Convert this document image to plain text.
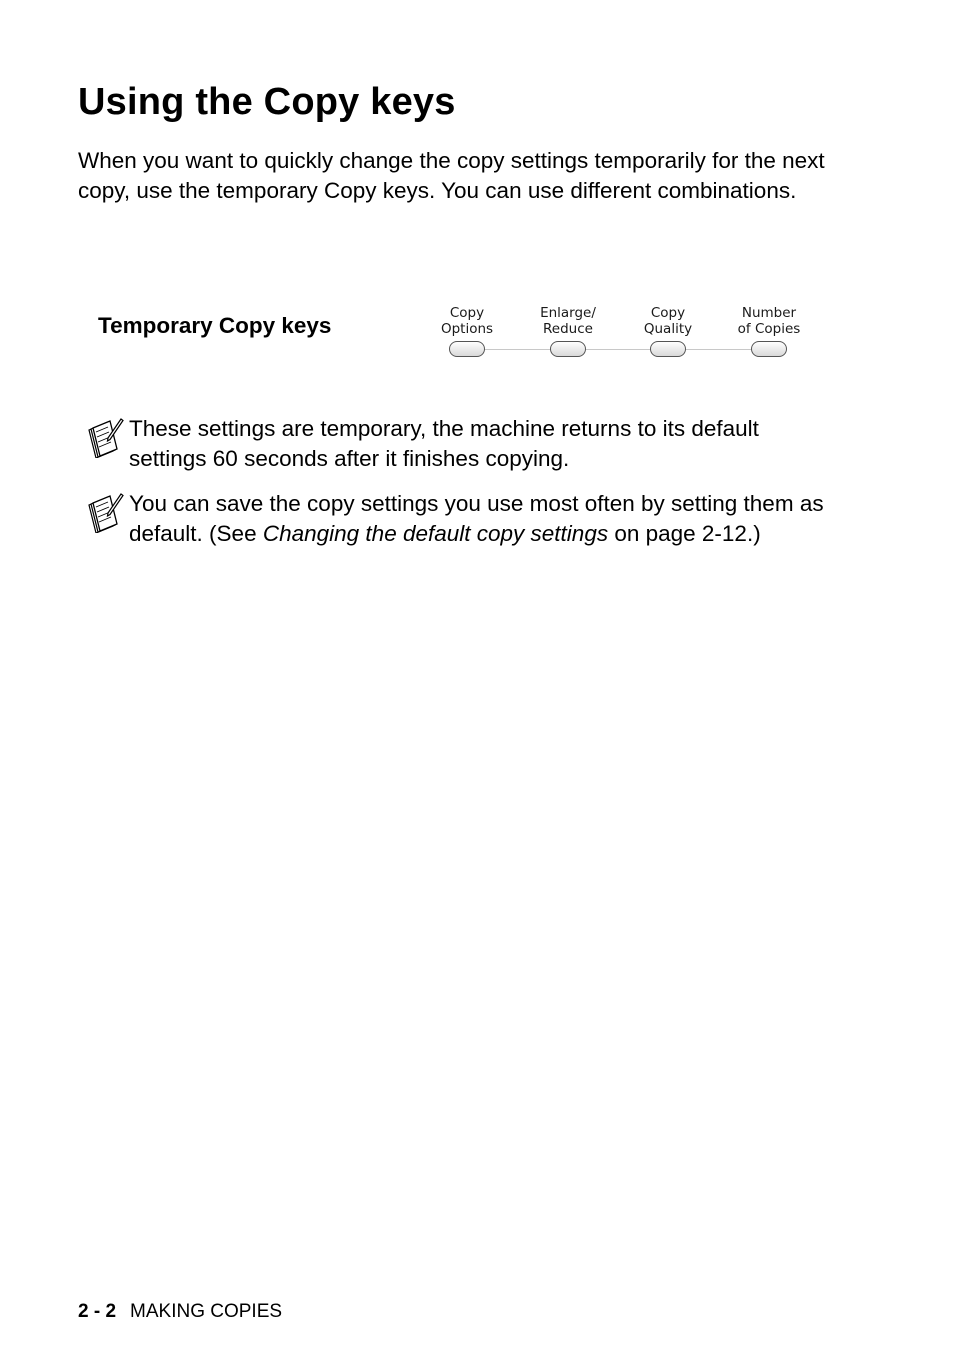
Using the Copy keys

When you want to quickly change the copy settings temporarily for the next copy, use the temporary Copy keys. You can use different combinations.

Temporary Copy keys	Copy
Options
Enlarge/
Reduce
Copy
Quality
Number
of Copies

These settings are temporary, the machine returns to its default settings 60 seconds after it finishes copying.

You can save the copy settings you use most often by setting them as default. (See Changing the default copy settings on page 2-12.)

2 - 2 MAKING COPIES
